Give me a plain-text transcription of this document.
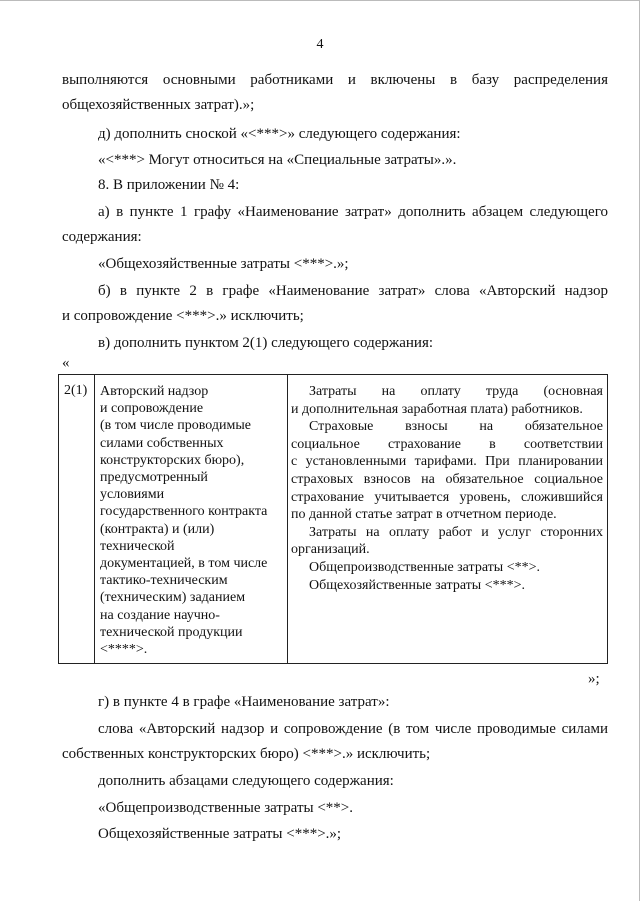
4
выполняются основными работниками и включены в базу распределения
общехозяйственных затрат).»;
д) дополнить сноской «<***>» следующего содержания:
«<***> Могут относиться на «Специальные затраты».».
8. В приложении № 4:
а) в пункте 1 графу «Наименование затрат» дополнить абзацем следующего
содержания:
«Общехозяйственные затраты <***>.»;
б) в пункте 2 в графе «Наименование затрат» слова «Авторский надзор
и сопровождение <***>.» исключить;
в) дополнить пунктом 2(1) следующего содержания:
«
2(1) Авторский надзор
и сопровождение
(в том числе проводимые
силами собственных
конструкторских бюро),
предусмотренный
условиями
государственного контракта
(контракта) и (или)
технической
документацией, в том числе
тактико-техническим
(техническим) заданием
на создание научно-
технической продукции
<****>.
Затраты на оплату труда (основная
и дополнительная заработная плата) работников.
Страховые взносы на обязательное
социальное страхование в соответствии
с установленными тарифами. При планировании
страховых взносов на обязательное социальное
страхование учитывается уровень, сложившийся
по данной статье затрат в отчетном периоде.
Затраты на оплату работ и услуг сторонних
организаций.
Общепроизводственные затраты <**>.
Общехозяйственные затраты <***>.
»;
г) в пункте 4 в графе «Наименование затрат»:
слова «Авторский надзор и сопровождение (в том числе проводимые силами
собственных конструкторских бюро) <***>.» исключить;
дополнить абзацами следующего содержания:
«Общепроизводственные затраты <**>.
Общехозяйственные затраты <***>.»;
